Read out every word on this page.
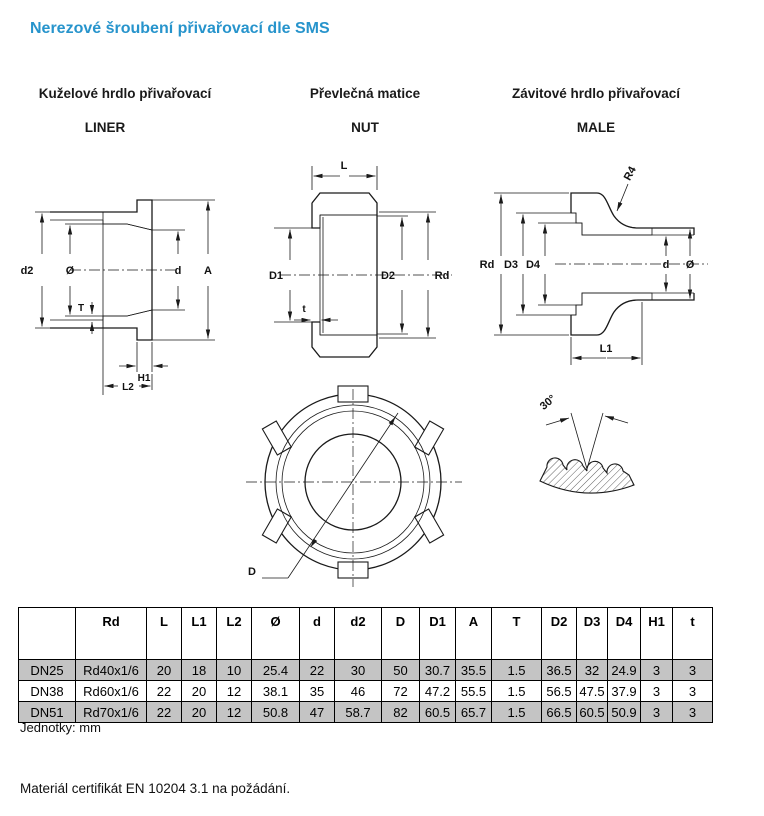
Nerezové šroubení přivařovací dle SMS
Kuželové hrdlo přivařovací
LINER
Převlečná matice
NUT
Závitové hrdlo přivařovací
MALE
d2	Ø
T
d A
H1
L2
L
D1	D2	Rd
t
Rd D3 D4	d Ø
L1
R4
D
30°
	Rd	L	L1	L2	Ø	d	d2	D	D1	A	T	D2	D3	D4	H1	t
DN25	Rd40x1/6	20	18	10	25.4	22	30	50	30.7	35.5	1.5	36.5	32	24.9	3	3
DN38	Rd60x1/6	22	20	12	38.1	35	46	72	47.2	55.5	1.5	56.5	47.5	37.9	3	3
DN51	Rd70x1/6	22	20	12	50.8	47	58.7	82	60.5	65.7	1.5	66.5	60.5	50.9	3	3
Jednotky: mm
Materiál certifikát EN 10204 3.1 na požádání.
